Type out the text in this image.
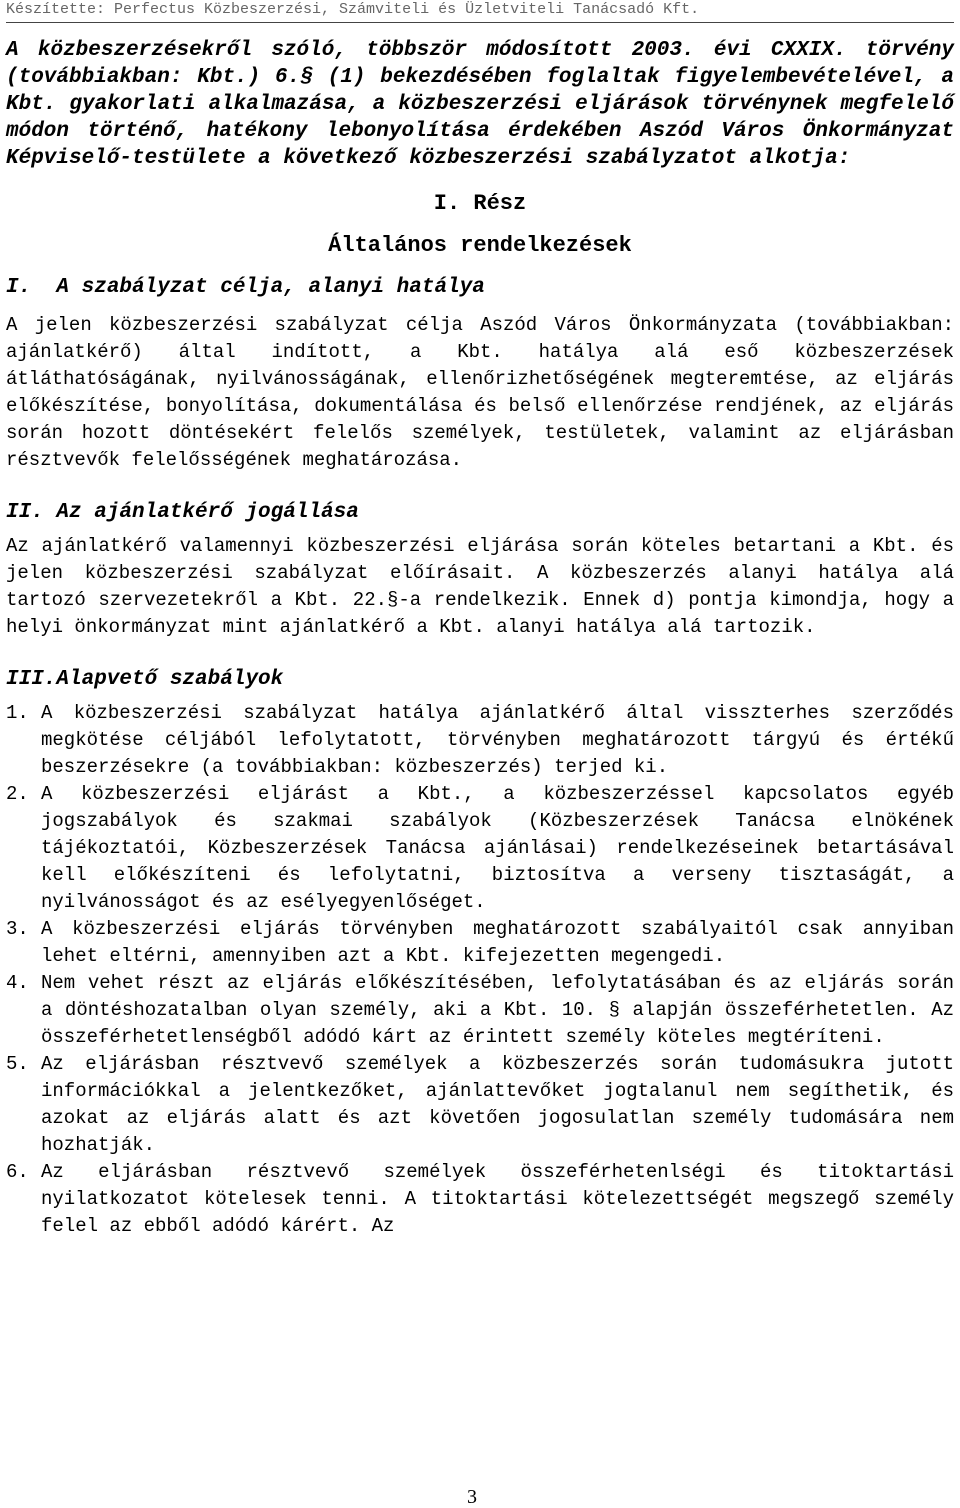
Készítette: Perfectus Közbeszerzési, Számviteli és Üzletviteli Tanácsadó Kft.

A közbeszerzésekről szóló, többször módosított 2003. évi CXXIX. törvény (továbbiakban: Kbt.) 6.§ (1) bekezdésében foglaltak figyelembevételével, a Kbt. gyakorlati alkalmazása, a közbeszerzési eljárások törvénynek megfelelő módon történő, hatékony lebonyolítása érdekében Aszód Város Önkormányzat Képviselő-testülete a következő közbeszerzési szabályzatot alkotja:

I. Rész
Általános rendelkezések
I.  A szabályzat célja, alanyi hatálya

A jelen közbeszerzési szabályzat célja Aszód Város Önkormányzata (továbbiakban: ajánlatkérő) által indított, a Kbt. hatálya alá eső közbeszerzések átláthatóságának, nyilvánosságának, ellenőrizhetőségének megteremtése, az eljárás előkészítése, bonyolítása, dokumentálása és belső ellenőrzése rendjének, az eljárás során hozott döntésekért felelős személyek, testületek, valamint az eljárásban résztvevők felelősségének meghatározása.

II. Az ajánlatkérő jogállása

Az ajánlatkérő valamennyi közbeszerzési eljárása során köteles betartani a Kbt. és jelen közbeszerzési szabályzat előírásait. A közbeszerzés alanyi hatálya alá tartozó szervezetekről a Kbt. 22.§-a rendelkezik. Ennek d) pontja kimondja, hogy a helyi önkormányzat mint ajánlatkérő a Kbt. alanyi hatálya alá tartozik.

III.Alapvető szabályok
1. A közbeszerzési szabályzat hatálya ajánlatkérő által visszterhes szerződés megkötése céljából lefolytatott, törvényben meghatározott tárgyú és értékű beszerzésekre (a továbbiakban: közbeszerzés) terjed ki.
2. A közbeszerzési eljárást a Kbt., a közbeszerzéssel kapcsolatos egyéb jogszabályok és szakmai szabályok (Közbeszerzések Tanácsa elnökének tájékoztatói, Közbeszerzések Tanácsa ajánlásai) rendelkezéseinek betartásával kell előkészíteni és lefolytatni, biztosítva a verseny tisztaságát, a nyilvánosságot és az esélyegyenlőséget.
3. A közbeszerzési eljárás törvényben meghatározott szabályaitól csak annyiban lehet eltérni, amennyiben azt a Kbt. kifejezetten megengedi.
4. Nem vehet részt az eljárás előkészítésében, lefolytatásában és az eljárás során a döntéshozatalban olyan személy, aki a Kbt. 10. § alapján összeférhetetlen. Az összeférhetetlenségből adódó kárt az érintett személy köteles megtéríteni.
5. Az eljárásban résztvevő személyek a közbeszerzés során tudomásukra jutott információkkal a jelentkezőket, ajánlattevőket jogtalanul nem segíthetik, és azokat az eljárás alatt és azt követően jogosulatlan személy tudomására nem hozhatják.
6. Az eljárásban résztvevő személyek összeférhetenlségi és titoktartási nyilatkozatot kötelesek tenni. A titoktartási kötelezettségét megszegő személy felel az ebből adódó kárért. Az
3
